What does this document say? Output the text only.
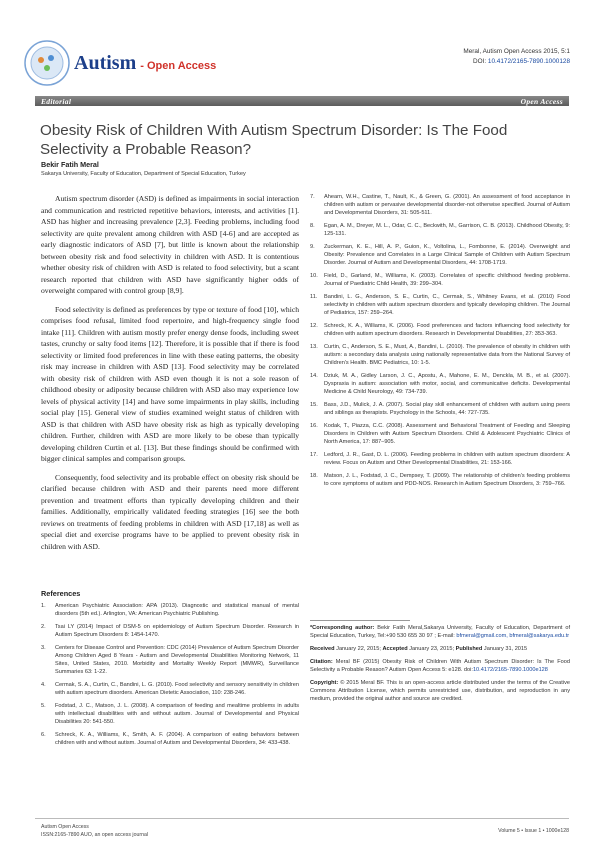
Autism - Open Access
Meral, Autism Open Access 2015, 5:1
DOI: 10.4172/2165-7890.1000128
Editorial	Open Access
Obesity Risk of Children With Autism Spectrum Disorder: Is The Food Selectivity a Probable Reason?
Bekir Fatih Meral
Sakarya University, Faculty of Education, Department of Special Education, Turkey

Autism spectrum disorder (ASD) is defined as impairments in social interaction and communication and restricted repetitive behaviors, interests, and activities [1]. ASD has higher and increasing prevalence [2,3]. Feeding problems, including food selectivity are quite prevalent among children with ASD [4-6] and are accepted as early diagnostic indicators of ASD [7], but little is known about the relationship between obesity risk and food selectivity in children with ASD. It is contentious whether obesity risk of children with ASD is related to food selectivity, but a scant research reported that children with ASD have significantly higher odds of overweight compared with control group [8,9].

Food selectivity is defined as preferences by type or texture of food [10], which comprises food refusal, limited food repertoire, and high-frequency single food intake [11]. Children with autism mostly prefer energy dense foods, including sweet tastes, crunchy or salty food items [12]. Therefore, it is possible that if there is food selectivity or limited food preferences in line with these eating patterns, the obesity risk may increase in children with ASD [13]. Food selectivity may be correlated with obesity risk of children with ASD even though it is not a sole reason of childhood obesity or adiposity because children with ASD also may experience low levels of physical activity [14] and have some impairments in play skills, including social play [15]. General view of studies examined weight status of children with ASD is that children with ASD have obesity risk as high as typically developing children. Further, children with ASD are more likely to be obese than typically developing children Curtin et al. [13]. But these findings should be confirmed with bigger clinical samples and comparison groups.

Consequently, food selectivity and its probable effect on obesity risk should be clarified because children with ASD and their parents need more different prevention and treatment efforts than typically developing children and their families. Additionally, empirically validated feeding strategies [16] see the both reviews on treatments of feeding problems in children with ASD [17,18] as well as special diet and exercise programs have to be applied to prevent obesity risk in children with ASD.

References
1.	American Psychiatric Association: APA (2013). Diagnostic and statistical manual of mental disorders (5th ed.). Arlington, VA: American Psychiatric Publishing.
2.	Tsai LY (2014) Impact of DSM-5 on epidemiology of Autism Spectrum Disorder. Research in Autism Spectrum Disorders 8: 1454-1470.
3.	Centers for Disease Control and Prevention: CDC (2014) Prevalence of Autism Spectrum Disorder Among Children Aged 8 Years - Autism and Developmental Disabilities Monitoring Network, 11 Sites, United States, 2010. Morbidity and Mortality Weekly Report (MMWR), Surveillance Summaries 63: 1-22.
4.	Cermak, S. A., Curtin, C., Bandini, L. G. (2010). Food selectivity and sensory sensitivity in children with autism spectrum disorders. American Dietetic Association, 110: 238-246.
5.	Fodstad, J. C., Matson, J. L. (2008). A comparison of feeding and mealtime problems in adults with intellectual disabilities with and without autism. Journal of Developmental and Physical Disabilities 20: 541-550.
6.	Schreck, K. A., Williams, K., Smith, A. F. (2004). A comparison of eating behaviors between children with and without autism. Journal of Autism and Developmental Disorders, 34: 433-438.
7.	Ahearn, W.H., Castine, T., Nault, K., & Green, G. (2001). An assessment of food acceptance in children with autism or pervasive developmental disorder-not otherwise specified. Journal of Autism and Developmental Disorders, 31: 505-511.
8.	Egan, A. M., Dreyer, M. L., Odar, C. C., Beckwith, M., Garrison, C. B. (2013). Childhood Obesity, 9: 125-131.
9.	Zuckerman, K. E., Hill, A. P., Guion, K., Voltolina, L., Fombonne, E. (2014). Overweight and Obesity: Prevalence and Correlates in a Large Clinical Sample of Children with Autism Spectrum Disorder. Journal of Autism and Developmental Disorders, 44: 1708-1719.
10.	Field, D., Garland, M., Williams, K. (2003). Correlates of specific childhood feeding problems. Journal of Paediatric Child Health, 39: 299–304.
11.	Bandini, L. G., Anderson, S. E., Curtin, C., Cermak, S., Whitney Evans, et al. (2010) Food selectivity in children with autism spectrum disorders and typically developing children. The Journal of Pediatrics, 157: 259–264.
12.	Schreck, K. A., Williams, K. (2006). Food preferences and factors influencing food selectivity for children with autism spectrum disorders. Research in Developmental Disabilities, 27: 353-363.
13.	Curtin, C., Anderson, S. E., Must, A., Bandini, L. (2010). The prevalence of obesity in children with autism: a secondary data analysis using nationally representative data from the National Survey of Children's Health. BMC Pediatrics, 10: 1-5.
14.	Dziuk, M. A., Gidley Larson, J. C., Apostu, A., Mahone, E. M., Denckla, M. B., et al. (2007). Dyspraxia in autism: association with motor, social, and communicative deficits. Developmental Medicine & Child Neurology, 49: 734-739.
15.	Bass, J.D., Mulick, J. A. (2007). Social play skill enhancement of children with autism using peers and siblings as therapists. Psychology in the Schools, 44: 727-735.
16.	Kodak, T., Piazza, C.C. (2008). Assessment and Behavioral Treatment of Feeding and Sleeping Disorders in Children with Autism Spectrum Disorders. Child & Adolescent Psychiatric Clinics of North America, 17: 887–905.
17.	Ledford, J. R., Gast, D. L. (2006). Feeding problems in children with autism spectrum disorders: A review. Focus on Autism and Other Developmental Disabilities, 21: 153-166.
18.	Matson, J. L., Fodstad, J. C., Dempsey, T. (2009). The relationship of children's feeding problems to core symptoms of autism and PDD-NOS. Research in Autism Spectrum Disorders, 3: 759–766.

*Corresponding author: Bekir Fatih Meral,Sakarya University, Faculty of Education, Department of Special Education, Turkey, Tel:+90 530 655 30 97 ; E-mail: bfmeral@gmail.com, bfmeral@sakarya.edu.tr

Received January 22, 2015; Accepted January 23, 2015; Published January 31, 2015

Citation: Meral BF (2015) Obesity Risk of Children With Autism Spectrum Disorder: Is The Food Selectivity a Probable Reason? Autism Open Access 5: e128. doi:10.4172/2165-7890.1000e128

Copyright: © 2015 Meral BF. This is an open-access article distributed under the terms of the Creative Commons Attribution License, which permits unrestricted use, distribution, and reproduction in any medium, provided the original author and source are credited.

Autism Open Access
ISSN:2165-7890 AUO, an open access journal
Volume 5 • Issue 1 • 1000e128
